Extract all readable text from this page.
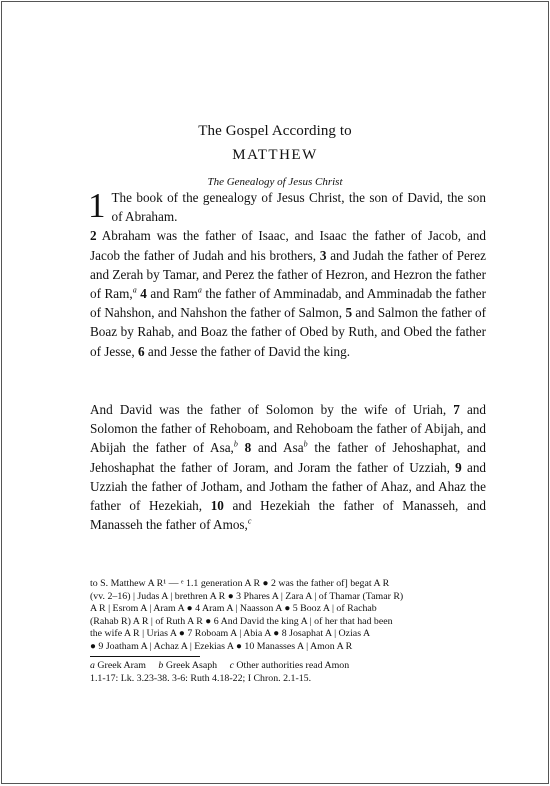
The Gospel According to
MATTHEW
The Genealogy of Jesus Christ

1 The book of the genealogy of Jesus Christ, the son of David, the son of Abraham.

2 Abraham was the father of Isaac, and Isaac the father of Jacob, and Jacob the father of Judah and his brothers, 3 and Judah the father of Perez and Zerah by Tamar, and Perez the father of Hezron, and Hezron the father of Ram,$^a$ 4 and Ram$^a$ the father of Amminadab, and Amminadab the father of Nahshon, and Nahshon the father of Salmon, 5 and Salmon the father of Boaz by Rahab, and Boaz the father of Obed by Ruth, and Obed the father of Jesse, 6 and Jesse the father of David the king.

And David was the father of Solomon by the wife of Uriah, 7 and Solomon the father of Rehoboam, and Rehoboam the father of Abijah, and Abijah the father of Asa,$^b$ 8 and Asa$^b$ the father of Jehoshaphat, and Jehoshaphat the father of Joram, and Joram the father of Uzziah, 9 and Uzziah the father of Jotham, and Jotham the father of Ahaz, and Ahaz the father of Hezekiah, 10 and Hezekiah the father of Manasseh, and Manasseh the father of Amos,$^c$

to S. Matthew A R¹ — ᵉ 1.1 generation A R ● 2 was the father of] begat A R
(vv. 2–16) | Judas A | brethren A R ● 3 Phares A | Zara A | of Thamar (Tamar R)
A R | Esrom A | Aram A ● 4 Aram A | Naasson A ● 5 Booz A | of Rachab
(Rahab R) A R | of Ruth A R ● 6 And David the king A | of her that had been
the wife A R | Urias A ● 7 Roboam A | Abia A ● 8 Josaphat A | Ozias A
● 9 Joatham A | Achaz A | Ezekias A ● 10 Manasses A | Amon A R
a Greek Aram b Greek Asaph c Other authorities read Amon
1.1-17: Lk. 3.23-38. 3-6: Ruth 4.18-22; I Chron. 2.1-15.
